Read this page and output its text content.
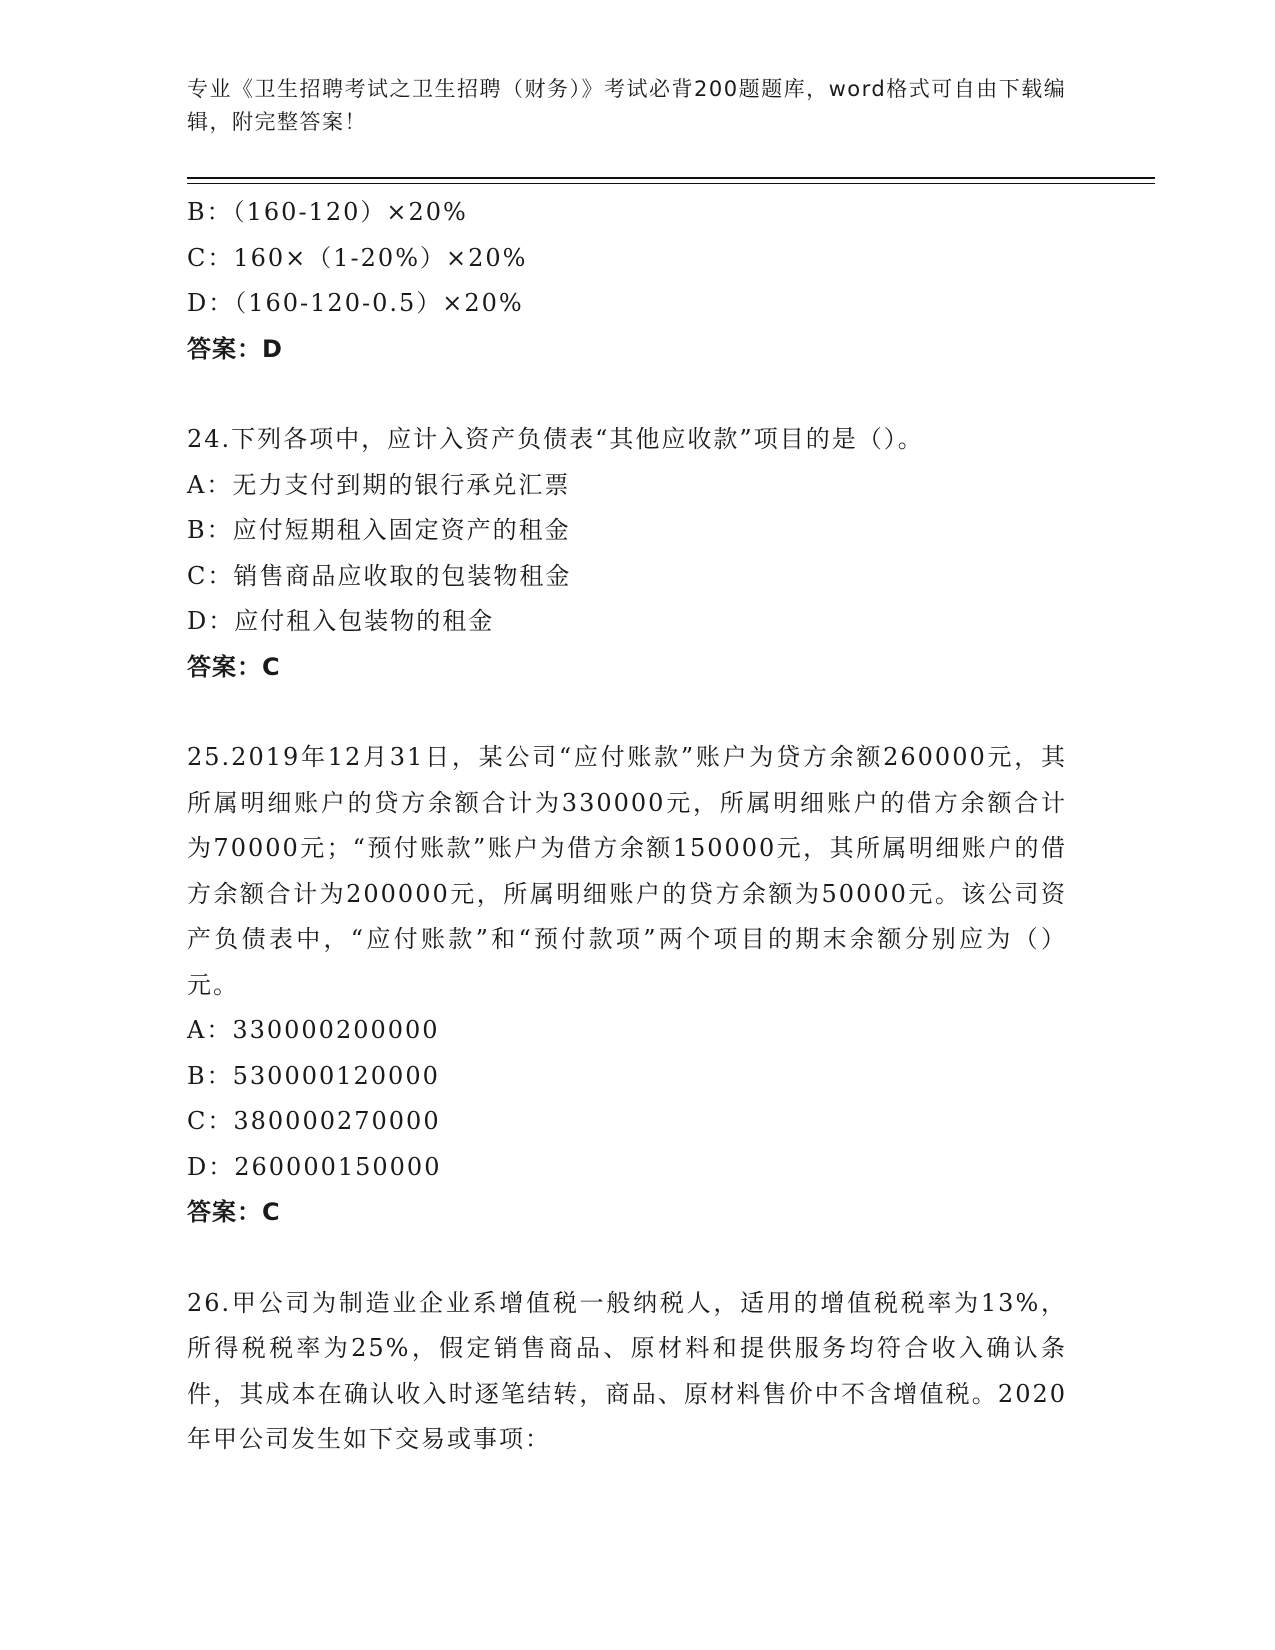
专业《卫生招聘考试之卫生招聘（财务）》考试必背200题题库，word格式可自由下载编辑，附完整答案！
B：（160-120）×20%
C：160×（1-20%）×20%
D：（160-120-0.5）×20%
答案：D
24.下列各项中，应计入资产负债表“其他应收款”项目的是（）。
A：无力支付到期的银行承兑汇票
B：应付短期租入固定资产的租金
C：销售商品应收取的包装物租金
D：应付租入包装物的租金
答案：C
25.2019年12月31日，某公司“应付账款”账户为贷方余额260000元，其所属明细账户的贷方余额合计为330000元，所属明细账户的借方余额合计为70000元；“预付账款”账户为借方余额150000元，其所属明细账户的借方余额合计为200000元，所属明细账户的贷方余额为50000元。该公司资产负债表中，“应付账款”和“预付款项”两个项目的期末余额分别应为（）元。
A：330000200000
B：530000120000
C：380000270000
D：260000150000
答案：C
26.甲公司为制造业企业系增值税一般纳税人，适用的增值税税率为13%，所得税税率为25%，假定销售商品、原材料和提供服务均符合收入确认条件，其成本在确认收入时逐笔结转，商品、原材料售价中不含增值税。2020年甲公司发生如下交易或事项：
